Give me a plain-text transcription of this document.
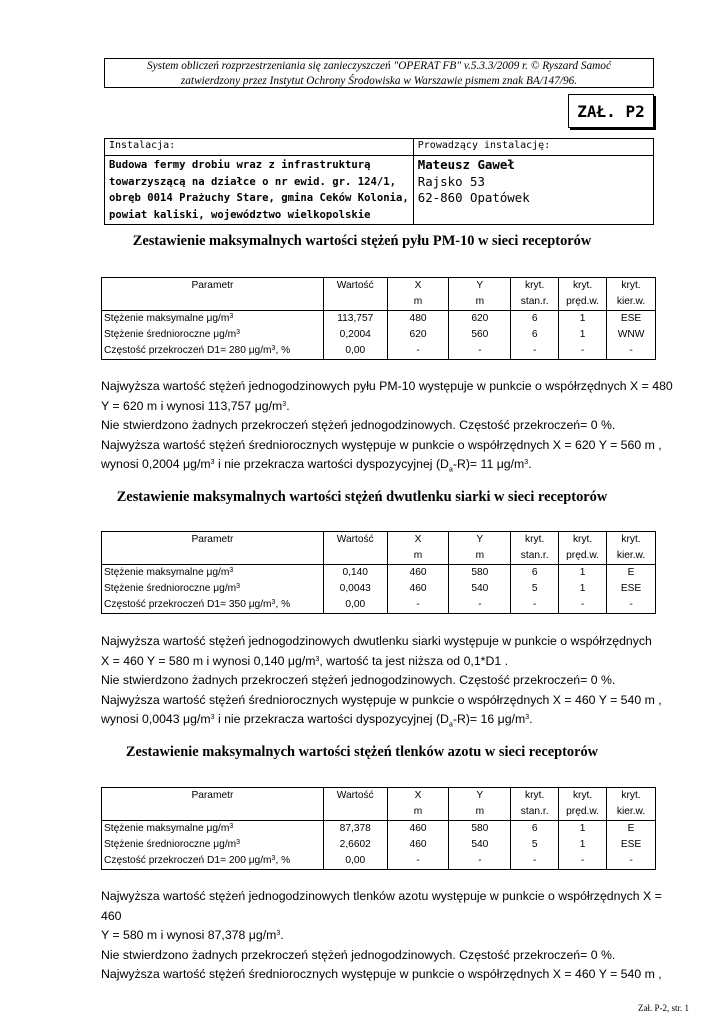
System obliczeń rozprzestrzeniania się zanieczyszczeń "OPERAT FB" v.5.3.3/2009 r. © Ryszard Samoć
zatwierdzony przez Instytut Ochrony Środowiska w Warszawie pismem znak BA/147/96.
ZAŁ. P2
Instalacja:	Prowadzący instalację:

Budowa fermy drobiu wraz z infrastrukturą
towarzyszącą na działce o nr ewid. gr. 124/1,
obręb 0014 Prażuchy Stare, gmina Ceków Kolonia,
powiat kaliski, województwo wielkopolskie	Mateusz Gaweł
Rajsko 53
62-860 Opatówek
Zestawienie maksymalnych wartości stężeń pyłu PM-10 w sieci receptorów
Parametr	Wartość	X	Y	kryt.	kryt.	kryt.
		m	m	stan.r.	pręd.w.	kier.w.
Stężenie maksymalne $\mu g/m^3$	113,757	480	620	6	1	ESE
Stężenie średnioroczne $\mu g/m^3$	0,2004	620	560	6	1	WNW
Częstość przekroczeń D1= 280 $\mu g/m^3$, %	0,00	-	-	-	-	-

Najwyższa wartość stężeń jednogodzinowych pyłu PM-10 występuje w punkcie o współrzędnych X = 480

Y = 620 m i wynosi 113,757 $\mu g/m^3$.

Nie stwierdzono żadnych przekroczeń stężeń jednogodzinowych. Częstość przekroczeń= 0 %.

Najwyższa wartość stężeń średniorocznych występuje w punkcie o współrzędnych X = 620 Y = 560 m ,

wynosi 0,2004 $\mu g/m^3$ i nie przekracza wartości dyspozycyjnej $(D_a-R)= 11$ $\mu g/m^3$.

Zestawienie maksymalnych wartości stężeń dwutlenku siarki w sieci receptorów
Parametr	Wartość	X	Y	kryt.	kryt.	kryt.
		m	m	stan.r.	pręd.w.	kier.w.
Stężenie maksymalne $\mu g/m^3$	0,140	460	580	6	1	E
Stężenie średnioroczne $\mu g/m^3$	0,0043	460	540	5	1	ESE
Częstość przekroczeń D1= 350 $\mu g/m^3$, %	0,00	-	-	-	-	-

Najwyższa wartość stężeń jednogodzinowych dwutlenku siarki występuje w punkcie o współrzędnych

X = 460 Y = 580 m i wynosi 0,140 $\mu g/m^3$, wartość ta jest niższa od 0,1*D1 .

Nie stwierdzono żadnych przekroczeń stężeń jednogodzinowych. Częstość przekroczeń= 0 %.

Najwyższa wartość stężeń średniorocznych występuje w punkcie o współrzędnych X = 460 Y = 540 m ,

wynosi 0,0043 $\mu g/m^3$ i nie przekracza wartości dyspozycyjnej $(D_a-R)= 16$ $\mu g/m^3$.

Zestawienie maksymalnych wartości stężeń tlenków azotu w sieci receptorów
Parametr	Wartość	X	Y	kryt.	kryt.	kryt.
		m	m	stan.r.	pręd.w.	kier.w.
Stężenie maksymalne $\mu g/m^3$	87,378	460	580	6	1	E
Stężenie średnioroczne $\mu g/m^3$	2,6602	460	540	5	1	ESE
Częstość przekroczeń D1= 200 $\mu g/m^3$, %	0,00	-	-	-	-	-

Najwyższa wartość stężeń jednogodzinowych tlenków azotu występuje w punkcie o współrzędnych X = 460

Y = 580 m i wynosi 87,378 $\mu g/m^3$.

Nie stwierdzono żadnych przekroczeń stężeń jednogodzinowych. Częstość przekroczeń= 0 %.

Najwyższa wartość stężeń średniorocznych występuje w punkcie o współrzędnych X = 460 Y = 540 m ,

Zał. P-2, str. 1
